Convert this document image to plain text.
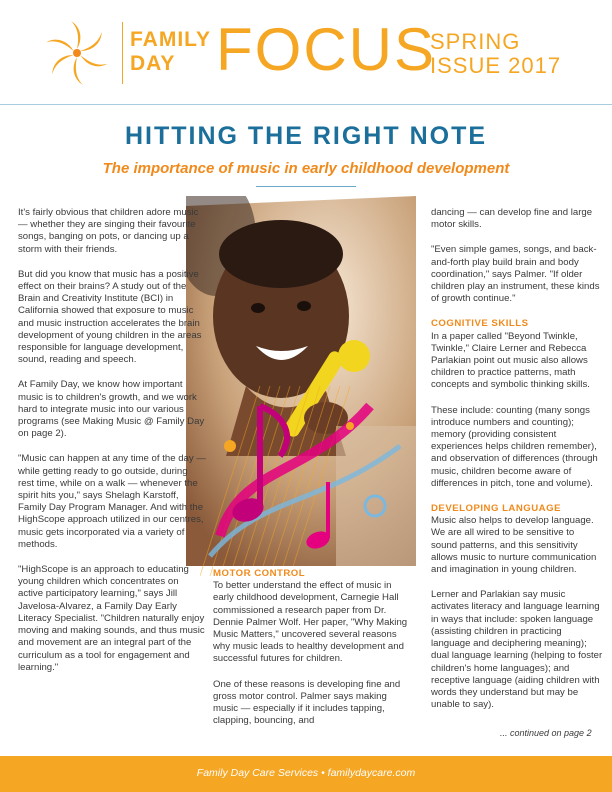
FAMILY
DAY FOCUS
SPRING
ISSUE 2017
HITTING THE RIGHT NOTE
The importance of music in early childhood development

It's fairly obvious that children adore music — whether they are singing their favourite songs, banging on pots, or dancing up a storm with their friends.

But did you know that music has a positive effect on their brains? A study out of the Brain and Creativity Institute (BCI) in California showed that exposure to music and music instruction accelerates the brain development of young children in the areas responsible for language development, sound, reading and speech.

At Family Day, we know how important music is to children's growth, and we work hard to integrate music into our various programs (see Making Music @ Family Day on page 2).

"Music can happen at any time of the day — while getting ready to go outside, during rest time, while on a walk — whenever the spirit hits you," says Shelagh Karstoff, Family Day Program Manager. And with the HighScope approach utilized in our centres, music gets incorporated via a variety of methods.

"HighScope is an approach to educating young children which concentrates on active participatory learning," says Jill Javelosa-Alvarez, a Family Day Early Literacy Specialist. "Children naturally enjoy moving and making sounds, and thus music and movement are an integral part of the curriculum as a tool for engagement and learning."

MOTOR CONTROL

To better understand the effect of music in early childhood development, Carnegie Hall commissioned a research paper from Dr. Dennie Palmer Wolf. Her paper, "Why Making Music Matters," uncovered several reasons why music leads to healthy development and successful futures for children.

One of these reasons is developing fine and gross motor control. Palmer says making music — especially if it includes tapping, clapping, bouncing, and

dancing — can develop fine and large motor skills.

"Even simple games, songs, and back-and-forth play build brain and body coordination," says Palmer. "If older children play an instrument, these kinds of growth continue."

COGNITIVE SKILLS

In a paper called "Beyond Twinkle, Twinkle," Claire Lerner and Rebecca Parlakian point out music also allows children to practice patterns, math concepts and symbolic thinking skills.

These include: counting (many songs introduce numbers and counting); memory (providing consistent experiences helps children remember), and observation of differences (through music, children become aware of differences in pitch, tone and volume).

DEVELOPING LANGUAGE

Music also helps to develop language. We are all wired to be sensitive to sound patterns, and this sensitivity allows music to nurture communication and imagination in young children.

Lerner and Parlakian say music activates literacy and language learning in ways that include: spoken language (assisting children in practicing language and deciphering meaning); dual language learning (helping to foster children's home languages); and receptive language (aiding children with words they understand but may be unable to say).

... continued on page 2
Family Day Care Services • familydaycare.com
